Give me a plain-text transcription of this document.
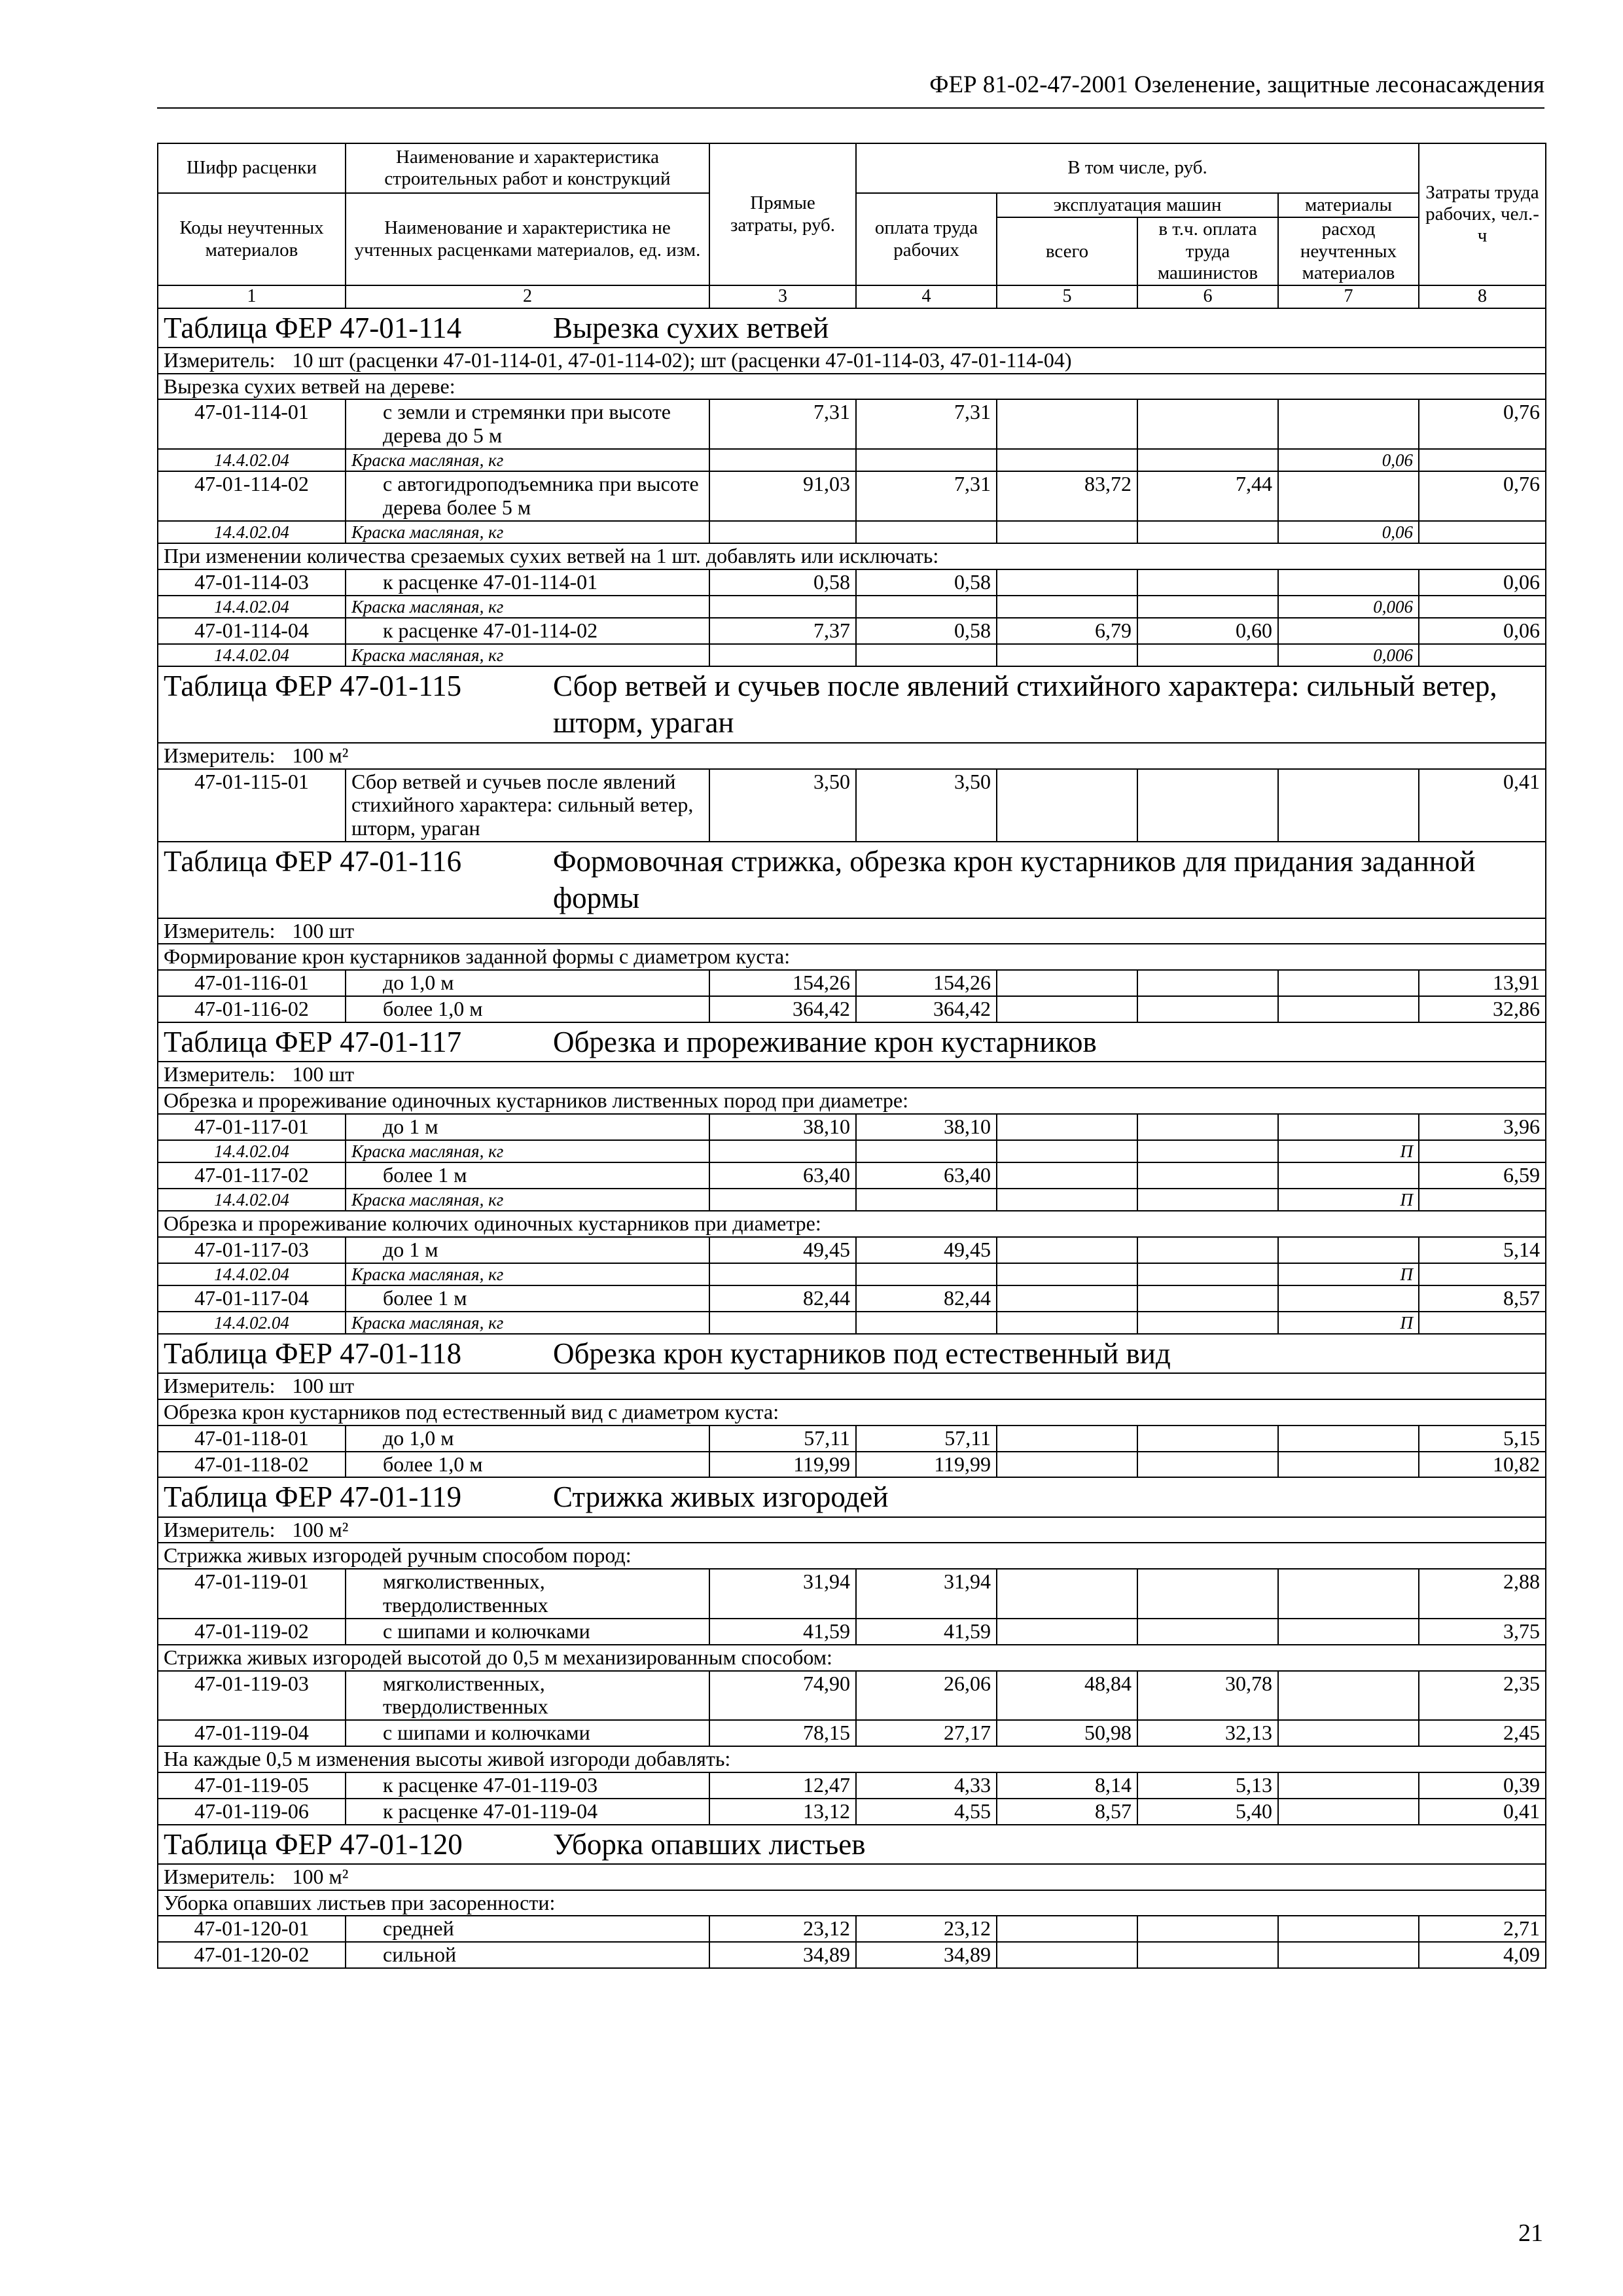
ФЕР 81-02-47-2001 Озеленение, защитные лесонасаждения
Шифр расценки	Наименование и характеристика строительных работ и конструкций	Прямые затраты, руб.	В том числе, руб.				Затраты труда рабочих, чел.-ч
Коды неучтенных материалов	Наименование и характеристика не учтенных расценками материалов, ед. изм.		оплата труда рабочих	эксплуатация машин		материалы	
				всего	в т.ч. оплата труда машинистов	расход неучтенных материалов	

1	2	3	4	5	6	7	8
Таблица ФЕР 47-01-114 Вырезка сухих ветвей							
Измеритель: 10 шт (расценки 47-01-114-01, 47-01-114-02); шт (расценки 47-01-114-03, 47-01-114-04)							
Вырезка сухих ветвей на дереве:							
47-01-114-01	с земли и стремянки при высоте дерева до 5 м	7,31	7,31				0,76
14.4.02.04	Краска масляная, кг					0,06	
47-01-114-02	с автогидроподъемника при высоте дерева более 5 м	91,03	7,31	83,72	7,44		0,76
14.4.02.04	Краска масляная, кг					0,06	
При изменении количества срезаемых сухих ветвей на 1 шт. добавлять или исключать:							
47-01-114-03	к расценке 47-01-114-01	0,58	0,58				0,06
14.4.02.04	Краска масляная, кг					0,006	
47-01-114-04	к расценке 47-01-114-02	7,37	0,58	6,79	0,60		0,06
14.4.02.04	Краска масляная, кг					0,006	
Таблица ФЕР 47-01-115 Сбор ветвей и сучьев после явлений стихийного характера: сильный ветер, шторм, ураган							
Измеритель: 100 м²							
47-01-115-01	Сбор ветвей и сучьев после явлений стихийного характера: сильный ветер, шторм, ураган	3,50	3,50				0,41
Таблица ФЕР 47-01-116 Формовочная стрижка, обрезка крон кустарников для придания заданной формы							
Измеритель: 100 шт							
Формирование крон кустарников заданной формы с диаметром куста:							
47-01-116-01	до 1,0 м	154,26	154,26				13,91
47-01-116-02	более 1,0 м	364,42	364,42				32,86
Таблица ФЕР 47-01-117 Обрезка и прореживание крон кустарников							
Измеритель: 100 шт							
Обрезка и прореживание одиночных кустарников лиственных пород при диаметре:							
47-01-117-01	до 1 м	38,10	38,10				3,96
14.4.02.04	Краска масляная, кг					П	
47-01-117-02	более 1 м	63,40	63,40				6,59
14.4.02.04	Краска масляная, кг					П	
Обрезка и прореживание колючих одиночных кустарников при диаметре:							
47-01-117-03	до 1 м	49,45	49,45				5,14
14.4.02.04	Краска масляная, кг					П	
47-01-117-04	более 1 м	82,44	82,44				8,57
14.4.02.04	Краска масляная, кг					П	
Таблица ФЕР 47-01-118 Обрезка крон кустарников под естественный вид							
Измеритель: 100 шт							
Обрезка крон кустарников под естественный вид с диаметром куста:							
47-01-118-01	до 1,0 м	57,11	57,11				5,15
47-01-118-02	более 1,0 м	119,99	119,99				10,82
Таблица ФЕР 47-01-119 Стрижка живых изгородей							
Измеритель: 100 м²							
Стрижка живых изгородей ручным способом пород:							
47-01-119-01	мягколиственных, твердолиственных	31,94	31,94				2,88
47-01-119-02	с шипами и колючками	41,59	41,59				3,75
Стрижка живых изгородей высотой до 0,5 м механизированным способом:							
47-01-119-03	мягколиственных, твердолиственных	74,90	26,06	48,84	30,78		2,35
47-01-119-04	с шипами и колючками	78,15	27,17	50,98	32,13		2,45
На каждые 0,5 м изменения высоты живой изгороди добавлять:							
47-01-119-05	к расценке 47-01-119-03	12,47	4,33	8,14	5,13		0,39
47-01-119-06	к расценке 47-01-119-04	13,12	4,55	8,57	5,40		0,41
Таблица ФЕР 47-01-120 Уборка опавших листьев							
Измеритель: 100 м²							
Уборка опавших листьев при засоренности:							
47-01-120-01	средней	23,12	23,12				2,71
47-01-120-02	сильной	34,89	34,89				4,09
21
